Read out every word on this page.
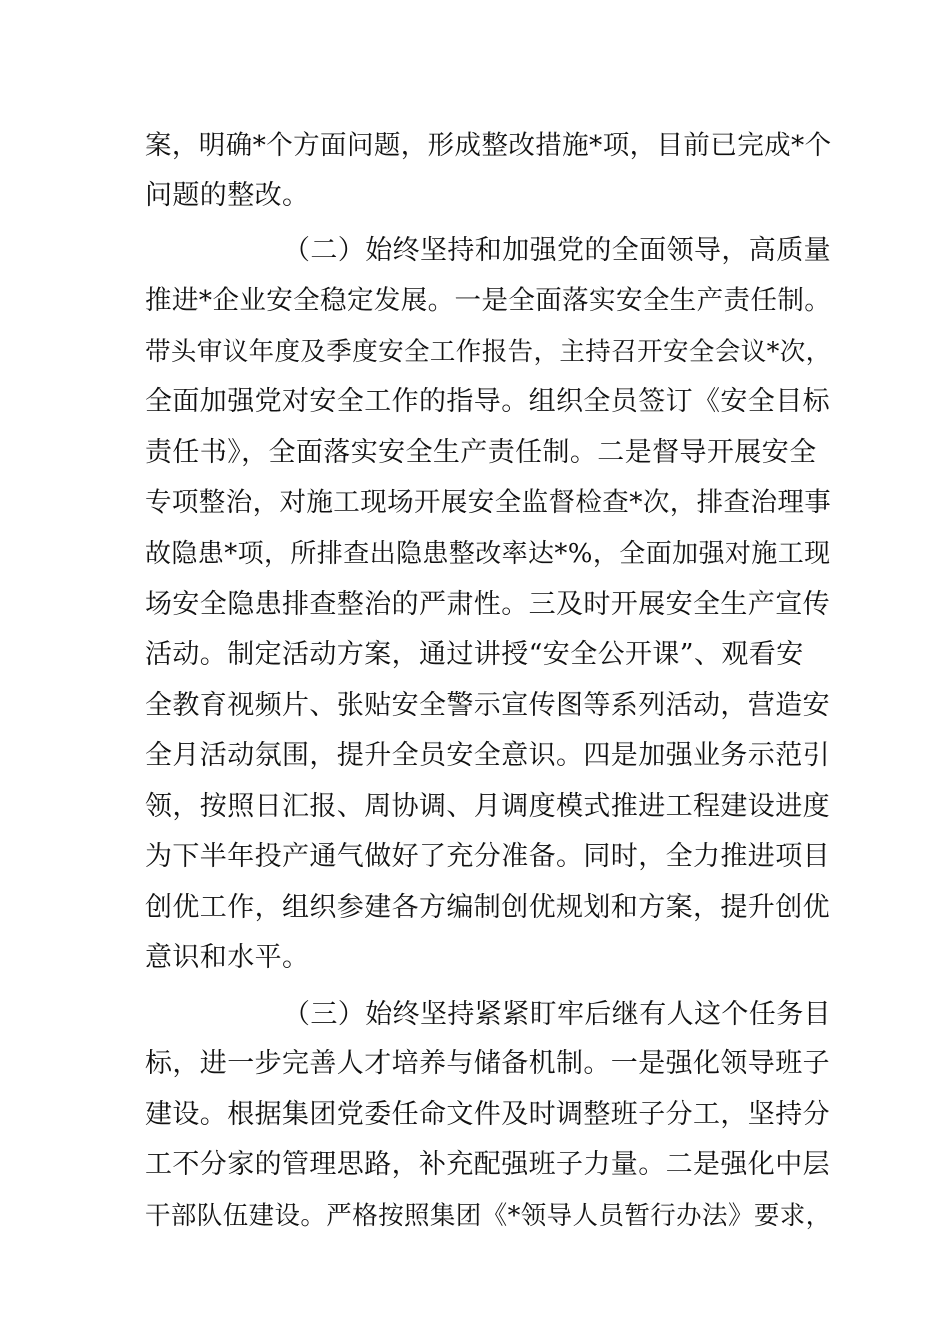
案，明确*个方面问题，形成整改措施*项，目前已完成*个
问题的整改。
（二）始终坚持和加强党的全面领导，高质量
推进*企业安全稳定发展。一是全面落实安全生产责任制。
带头审议年度及季度安全工作报告，主持召开安全会议*次，
全面加强党对安全工作的指导。组织全员签订《安全目标
责任书》，全面落实安全生产责任制。二是督导开展安全
专项整治，对施工现场开展安全监督检查*次，排查治理事
故隐患*项，所排查出隐患整改率达*%，全面加强对施工现
场安全隐患排查整治的严肃性。三及时开展安全生产宣传
活动。制定活动方案，通过讲授“安全公开课”、观看安
全教育视频片、张贴安全警示宣传图等系列活动，营造安
全月活动氛围，提升全员安全意识。四是加强业务示范引
领，按照日汇报、周协调、月调度模式推进工程建设进度
为下半年投产通气做好了充分准备。同时，全力推进项目
创优工作，组织参建各方编制创优规划和方案，提升创优
意识和水平。
（三）始终坚持紧紧盯牢后继有人这个任务目
标，进一步完善人才培养与储备机制。一是强化领导班子
建设。根据集团党委任命文件及时调整班子分工，坚持分
工不分家的管理思路，补充配强班子力量。二是强化中层
干部队伍建设。严格按照集团《*领导人员暂行办法》要求，
